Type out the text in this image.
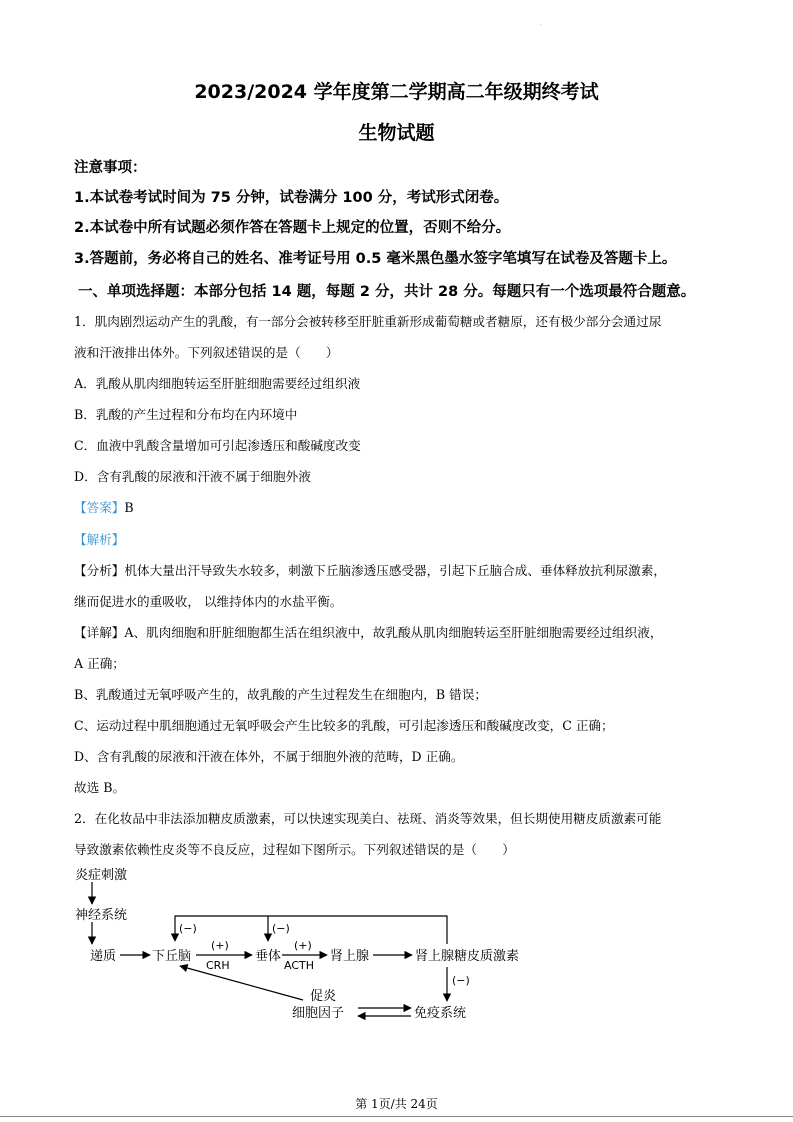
·
2023/2024 学年度第二学期高二年级期终考试
生物试题
注意事项：
1.本试卷考试时间为 75 分钟，试卷满分 100 分，考试形式闭卷。
2.本试卷中所有试题必须作答在答题卡上规定的位置，否则不给分。
3.答题前，务必将自己的姓名、准考证号用 0.5 毫米黑色墨水签字笔填写在试卷及答题卡上。
一、单项选择题：本部分包括 14 题，每题 2 分，共计 28 分。每题只有一个选项最符合题意。
1．肌肉剧烈运动产生的乳酸，有一部分会被转移至肝脏重新形成葡萄糖或者糖原，还有极少部分会通过尿
液和汗液排出体外。下列叙述错误的是（　　）
A．乳酸从肌肉细胞转运至肝脏细胞需要经过组织液
B．乳酸的产生过程和分布均在内环境中
C．血液中乳酸含量增加可引起渗透压和酸碱度改变
D．含有乳酸的尿液和汗液不属于细胞外液
【答案】B
【解析】
【分析】机体大量出汗导致失水较多，刺激下丘脑渗透压感受器，引起下丘脑合成、垂体释放抗利尿激素，
继而促进水的重吸收， 以维持体内的水盐平衡。
【详解】A、肌肉细胞和肝脏细胞都生活在组织液中，故乳酸从肌肉细胞转运至肝脏细胞需要经过组织液，
A 正确；
B、乳酸通过无氧呼吸产生的，故乳酸的产生过程发生在细胞内，B 错误；
C、运动过程中肌细胞通过无氧呼吸会产生比较多的乳酸，可引起渗透压和酸碱度改变，C 正确；
D、含有乳酸的尿液和汗液在体外，不属于细胞外液的范畴，D 正确。
故选 B。
2．在化妆品中非法添加糖皮质激素，可以快速实现美白、祛斑、消炎等效果，但长期使用糖皮质激素可能
导致激素依赖性皮炎等不良反应，过程如下图所示。下列叙述错误的是（　　）
炎症刺激
神经系统
递质	下丘脑	垂体	肾上腺	肾上腺糖皮质激素
促炎
细胞因子	免疫系统
(+)
CRH
(+)
ACTH
(−)	(−)
(−)
第 1页/共 24页
